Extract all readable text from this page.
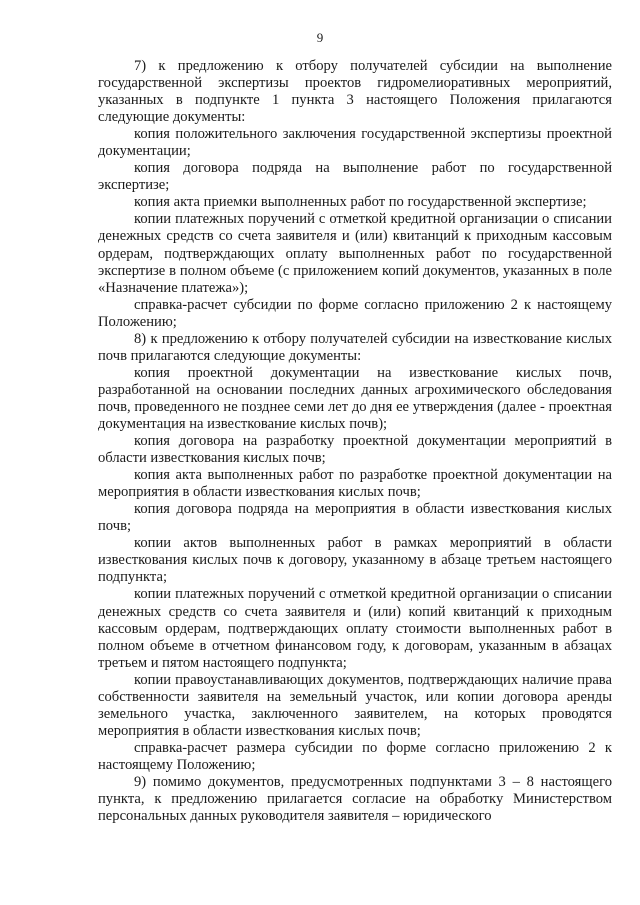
9

7) к предложению к отбору получателей субсидии на выполнение государственной экспертизы проектов гидромелиоративных мероприятий, указанных в подпункте 1 пункта 3 настоящего Положения прилагаются следующие документы:

копия положительного заключения государственной экспертизы проектной документации;

копия договора подряда на выполнение работ по государственной экспертизе;

копия акта приемки выполненных работ по государственной экспертизе;

копии платежных поручений с отметкой кредитной организации о списании денежных средств со счета заявителя и (или) квитанций к приходным кассовым ордерам, подтверждающих оплату выполненных работ по государственной экспертизе в полном объеме (с приложением копий документов, указанных в поле «Назначение платежа»);

справка-расчет субсидии по форме согласно приложению 2 к настоящему Положению;

8) к предложению к отбору получателей субсидии на известкование кислых почв прилагаются следующие документы:

копия проектной документации на известкование кислых почв, разработанной на основании последних данных агрохимического обследования почв, проведенного не позднее семи лет до дня ее утверждения (далее - проектная документация на известкование кислых почв);

копия договора на разработку проектной документации мероприятий в области известкования кислых почв;

копия акта выполненных работ по разработке проектной документации на мероприятия в области известкования кислых почв;

копия договора подряда на мероприятия в области известкования кислых почв;

копии актов выполненных работ в рамках мероприятий в области известкования кислых почв к договору, указанному в абзаце третьем настоящего подпункта;

копии платежных поручений с отметкой кредитной организации о списании денежных средств со счета заявителя и (или) копий квитанций к приходным кассовым ордерам, подтверждающих оплату стоимости выполненных работ в полном объеме в отчетном финансовом году, к договорам, указанным в абзацах третьем и пятом настоящего подпункта;

копии правоустанавливающих документов, подтверждающих наличие права собственности заявителя на земельный участок, или копии договора аренды земельного участка, заключенного заявителем, на которых проводятся мероприятия в области известкования кислых почв;

справка-расчет размера субсидии по форме согласно приложению 2 к настоящему Положению;

9) помимо документов, предусмотренных подпунктами 3 – 8 настоящего пункта, к предложению прилагается согласие на обработку Министерством персональных данных руководителя заявителя – юридического
